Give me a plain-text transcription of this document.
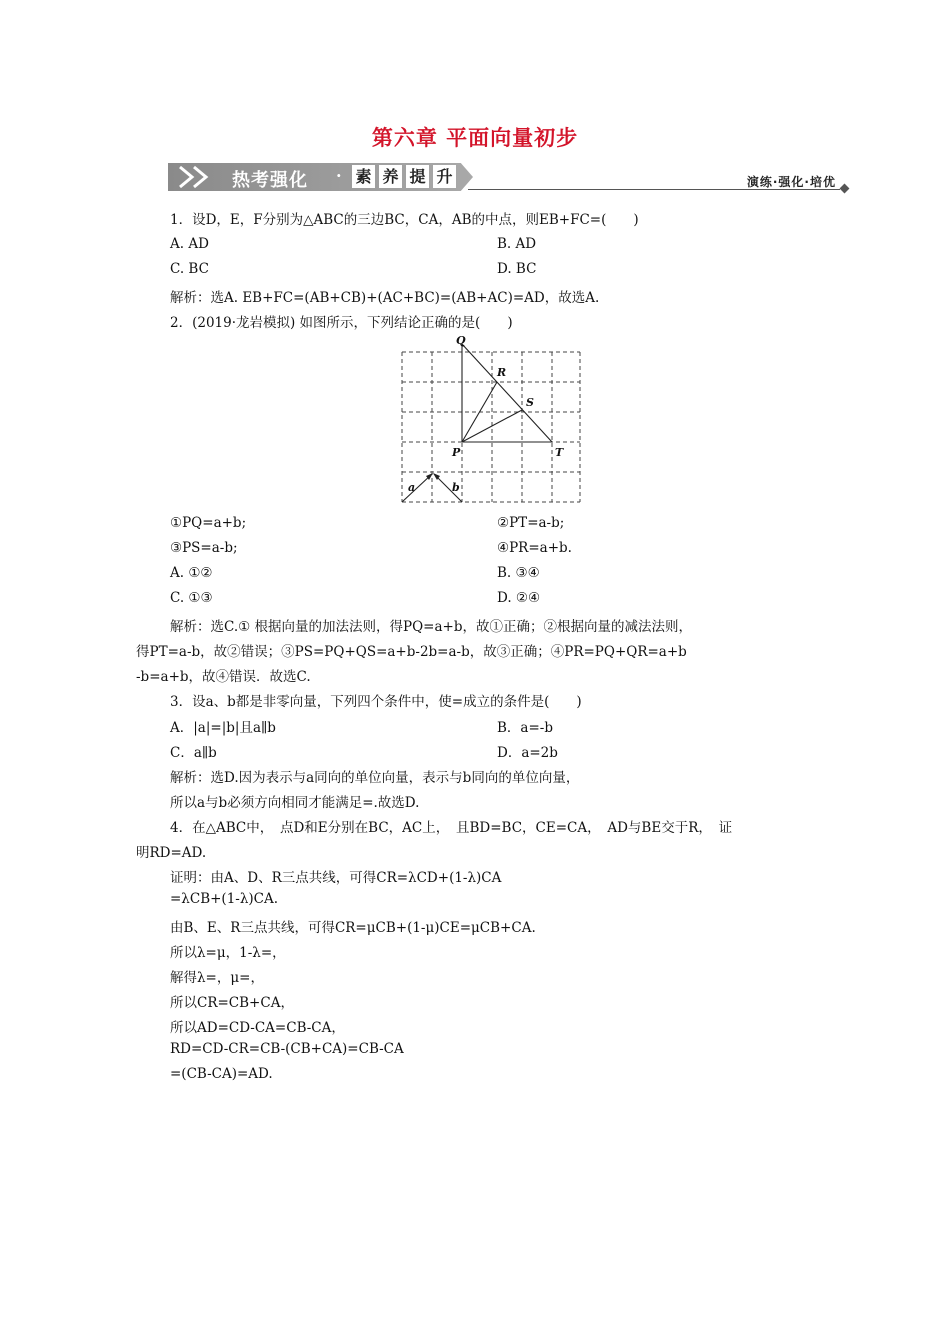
第六章 平面向量初步
热考强化 · 素 养 提 升	演练·强化·培优
1．设D，E，F分别为△ABC的三边BC，CA，AB的中点，则EB+FC=(　　)
A. AD	B. AD
C. BC	D. BC
解析：选A. EB+FC=(AB+CB)+(AC+BC)=(AB+AC)=AD，故选A.
2．(2019·龙岩模拟) 如图所示，下列结论正确的是(　　)
Q
R
S
P	T
a	b
①PQ=a+b;	②PT=a-b;
③PS=a-b;	④PR=a+b.
A. ①②	B. ③④
C. ①③	D. ②④
解析：选C.① 根据向量的加法法则，得PQ=a+b，故①正确；②根据向量的减法法则，
得PT=a-b，故②错误；③PS=PQ+QS=a+b-2b=a-b，故③正确；④PR=PQ+QR=a+b
-b=a+b，故④错误．故选C.
3．设a、b都是非零向量，下列四个条件中，使=成立的条件是(　　)
A．|a|=|b|且a∥b	B．a=-b
C．a∥b	D．a=2b
解析：选D.因为表示与a同向的单位向量，表示与b同向的单位向量，
所以a与b必须方向相同才能满足=.故选D.
4．在△ABC中，　点D和E分别在BC，AC上，　且BD=BC，CE=CA，　AD与BE交于R，　证
明RD=AD.
证明：由A、D、R三点共线，可得CR=λCD+(1-λ)CA
=λCB+(1-λ)CA.
由B、E、R三点共线，可得CR=μCB+(1-μ)CE=μCB+CA.
所以λ=μ，1-λ=，
解得λ=，μ=，
所以CR=CB+CA，
所以AD=CD-CA=CB-CA，
RD=CD-CR=CB-(CB+CA)=CB-CA
=(CB-CA)=AD.
